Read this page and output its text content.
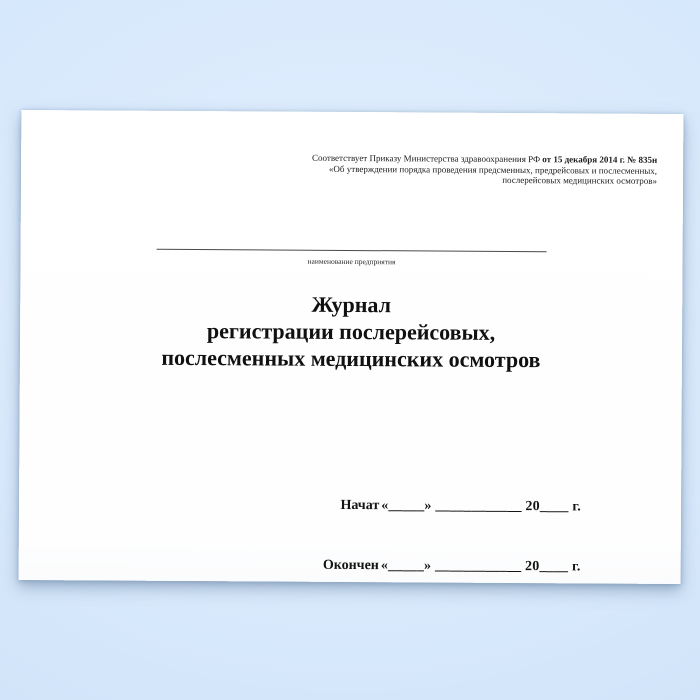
Соответствует Приказу Министерства здравоохранения РФ от 15 декабря 2014 г. № 835н
«Об утверждении порядка проведения предсменных, предрейсовых и послесменных,
послерейсовых медицинских осмотров»
наименование предприятия
Журнал
регистрации послерейсовых,
послесменных медицинских осмотров

Начат «_____» ____________ 20____ г.

Окончен «_____» ____________ 20____ г.
